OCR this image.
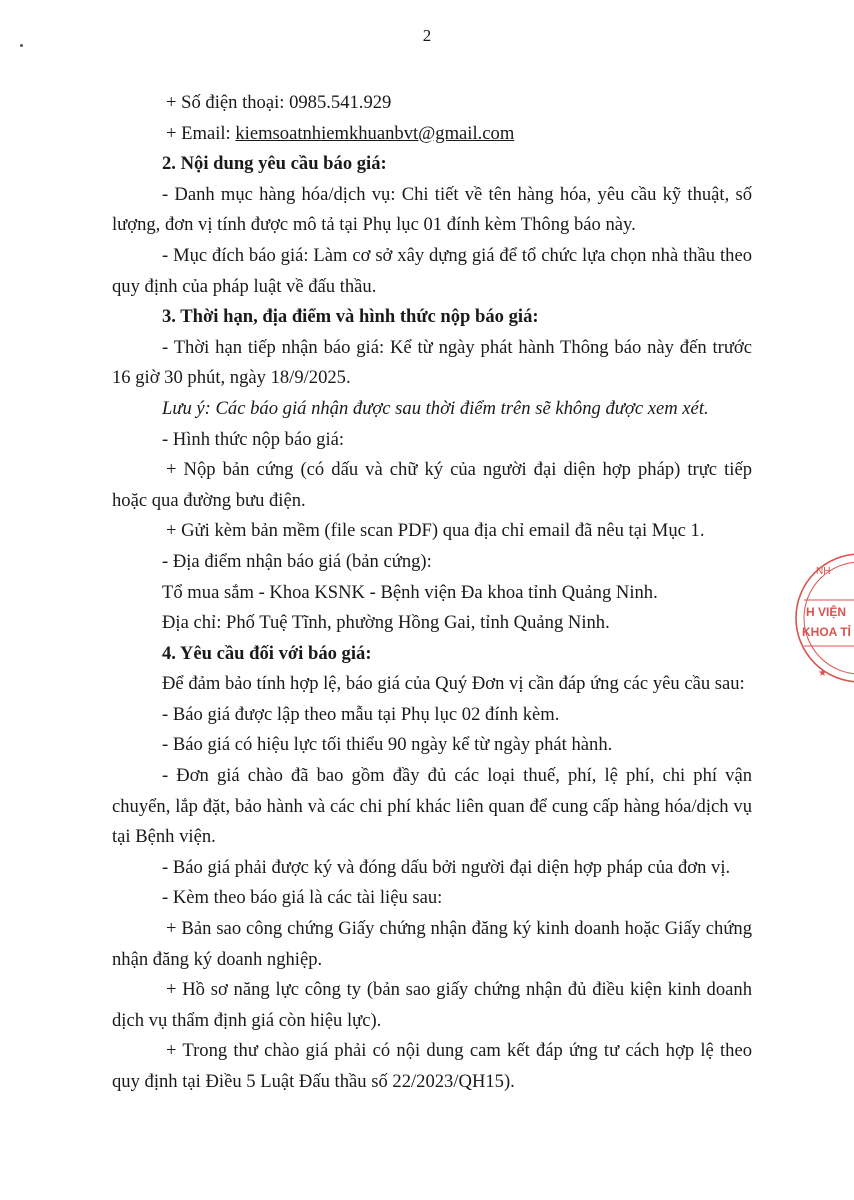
2

+ Số điện thoại: 0985.541.929

+ Email: kiemsoatnhiemkhuanbvt@gmail.com

2. Nội dung yêu cầu báo giá:

- Danh mục hàng hóa/dịch vụ: Chi tiết về tên hàng hóa, yêu cầu kỹ thuật, số lượng, đơn vị tính được mô tả tại Phụ lục 01 đính kèm Thông báo này.

- Mục đích báo giá: Làm cơ sở xây dựng giá để tổ chức lựa chọn nhà thầu theo quy định của pháp luật về đấu thầu.

3. Thời hạn, địa điểm và hình thức nộp báo giá:

- Thời hạn tiếp nhận báo giá: Kể từ ngày phát hành Thông báo này đến trước 16 giờ 30 phút, ngày 18/9/2025.

Lưu ý: Các báo giá nhận được sau thời điểm trên sẽ không được xem xét.

- Hình thức nộp báo giá:

+ Nộp bản cứng (có dấu và chữ ký của người đại diện hợp pháp) trực tiếp hoặc qua đường bưu điện.

+ Gửi kèm bản mềm (file scan PDF) qua địa chỉ email đã nêu tại Mục 1.

- Địa điểm nhận báo giá (bản cứng):

Tổ mua sắm - Khoa KSNK - Bệnh viện Đa khoa tỉnh Quảng Ninh.

Địa chỉ: Phố Tuệ Tĩnh, phường Hồng Gai, tỉnh Quảng Ninh.

4. Yêu cầu đối với báo giá:

Để đảm bảo tính hợp lệ, báo giá của Quý Đơn vị cần đáp ứng các yêu cầu sau:

- Báo giá được lập theo mẫu tại Phụ lục 02 đính kèm.

- Báo giá có hiệu lực tối thiểu 90 ngày kể từ ngày phát hành.

- Đơn giá chào đã bao gồm đầy đủ các loại thuế, phí, lệ phí, chi phí vận chuyển, lắp đặt, bảo hành và các chi phí khác liên quan để cung cấp hàng hóa/dịch vụ tại Bệnh viện.

- Báo giá phải được ký và đóng dấu bởi người đại diện hợp pháp của đơn vị.

- Kèm theo báo giá là các tài liệu sau:

+ Bản sao công chứng Giấy chứng nhận đăng ký kinh doanh hoặc Giấy chứng nhận đăng ký doanh nghiệp.

+ Hồ sơ năng lực công ty (bản sao giấy chứng nhận đủ điều kiện kinh doanh dịch vụ thẩm định giá còn hiệu lực).

+ Trong thư chào giá phải có nội dung cam kết đáp ứng tư cách hợp lệ theo quy định tại Điều 5 Luật Đấu thầu số 22/2023/QH15).

NH
H VIỆN
KHOA TỈ
★
